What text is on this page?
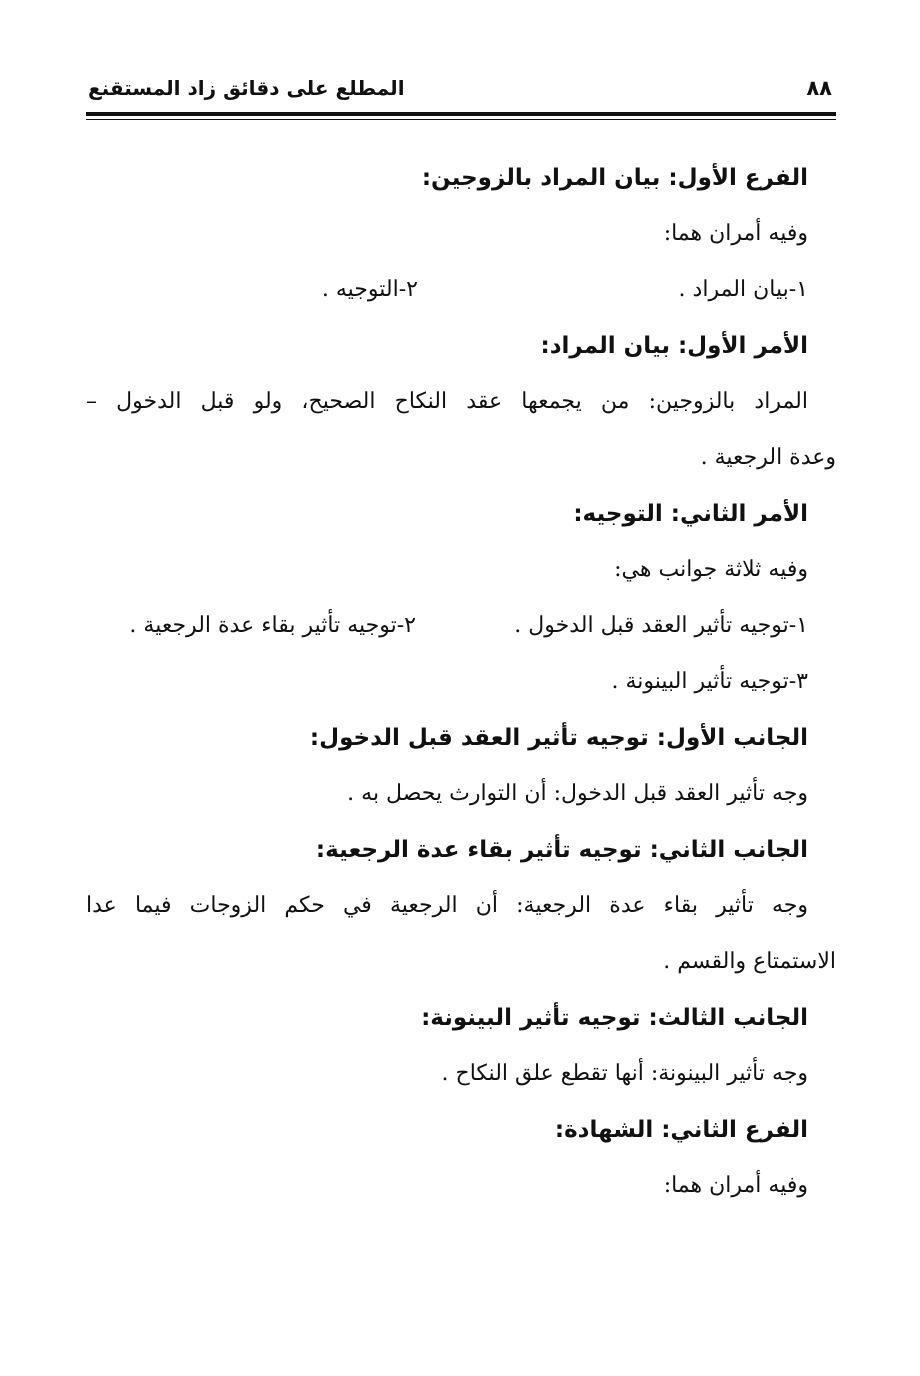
٨٨
المطلع على دقائق زاد المستقنع
الفرع الأول: بيان المراد بالزوجين:
وفيه أمران هما:
١-بيان المراد .
٢-التوجيه .
الأمر الأول: بيان المراد:
المراد بالزوجين: من يجمعها عقد النكاح الصحيح، ولو قبل الدخول –
وعدة الرجعية .
الأمر الثاني: التوجيه:
وفيه ثلاثة جوانب هي:
١-توجيه تأثير العقد قبل الدخول .
٢-توجيه تأثير بقاء عدة الرجعية .
٣-توجيه تأثير البينونة .
الجانب الأول: توجيه تأثير العقد قبل الدخول:
وجه تأثير العقد قبل الدخول: أن التوارث يحصل به .
الجانب الثاني: توجيه تأثير بقاء عدة الرجعية:
وجه تأثير بقاء عدة الرجعية: أن الرجعية في حكم الزوجات فيما عدا
الاستمتاع والقسم .
الجانب الثالث: توجيه تأثير البينونة:
وجه تأثير البينونة: أنها تقطع علق النكاح .
الفرع الثاني: الشهادة:
وفيه أمران هما:
